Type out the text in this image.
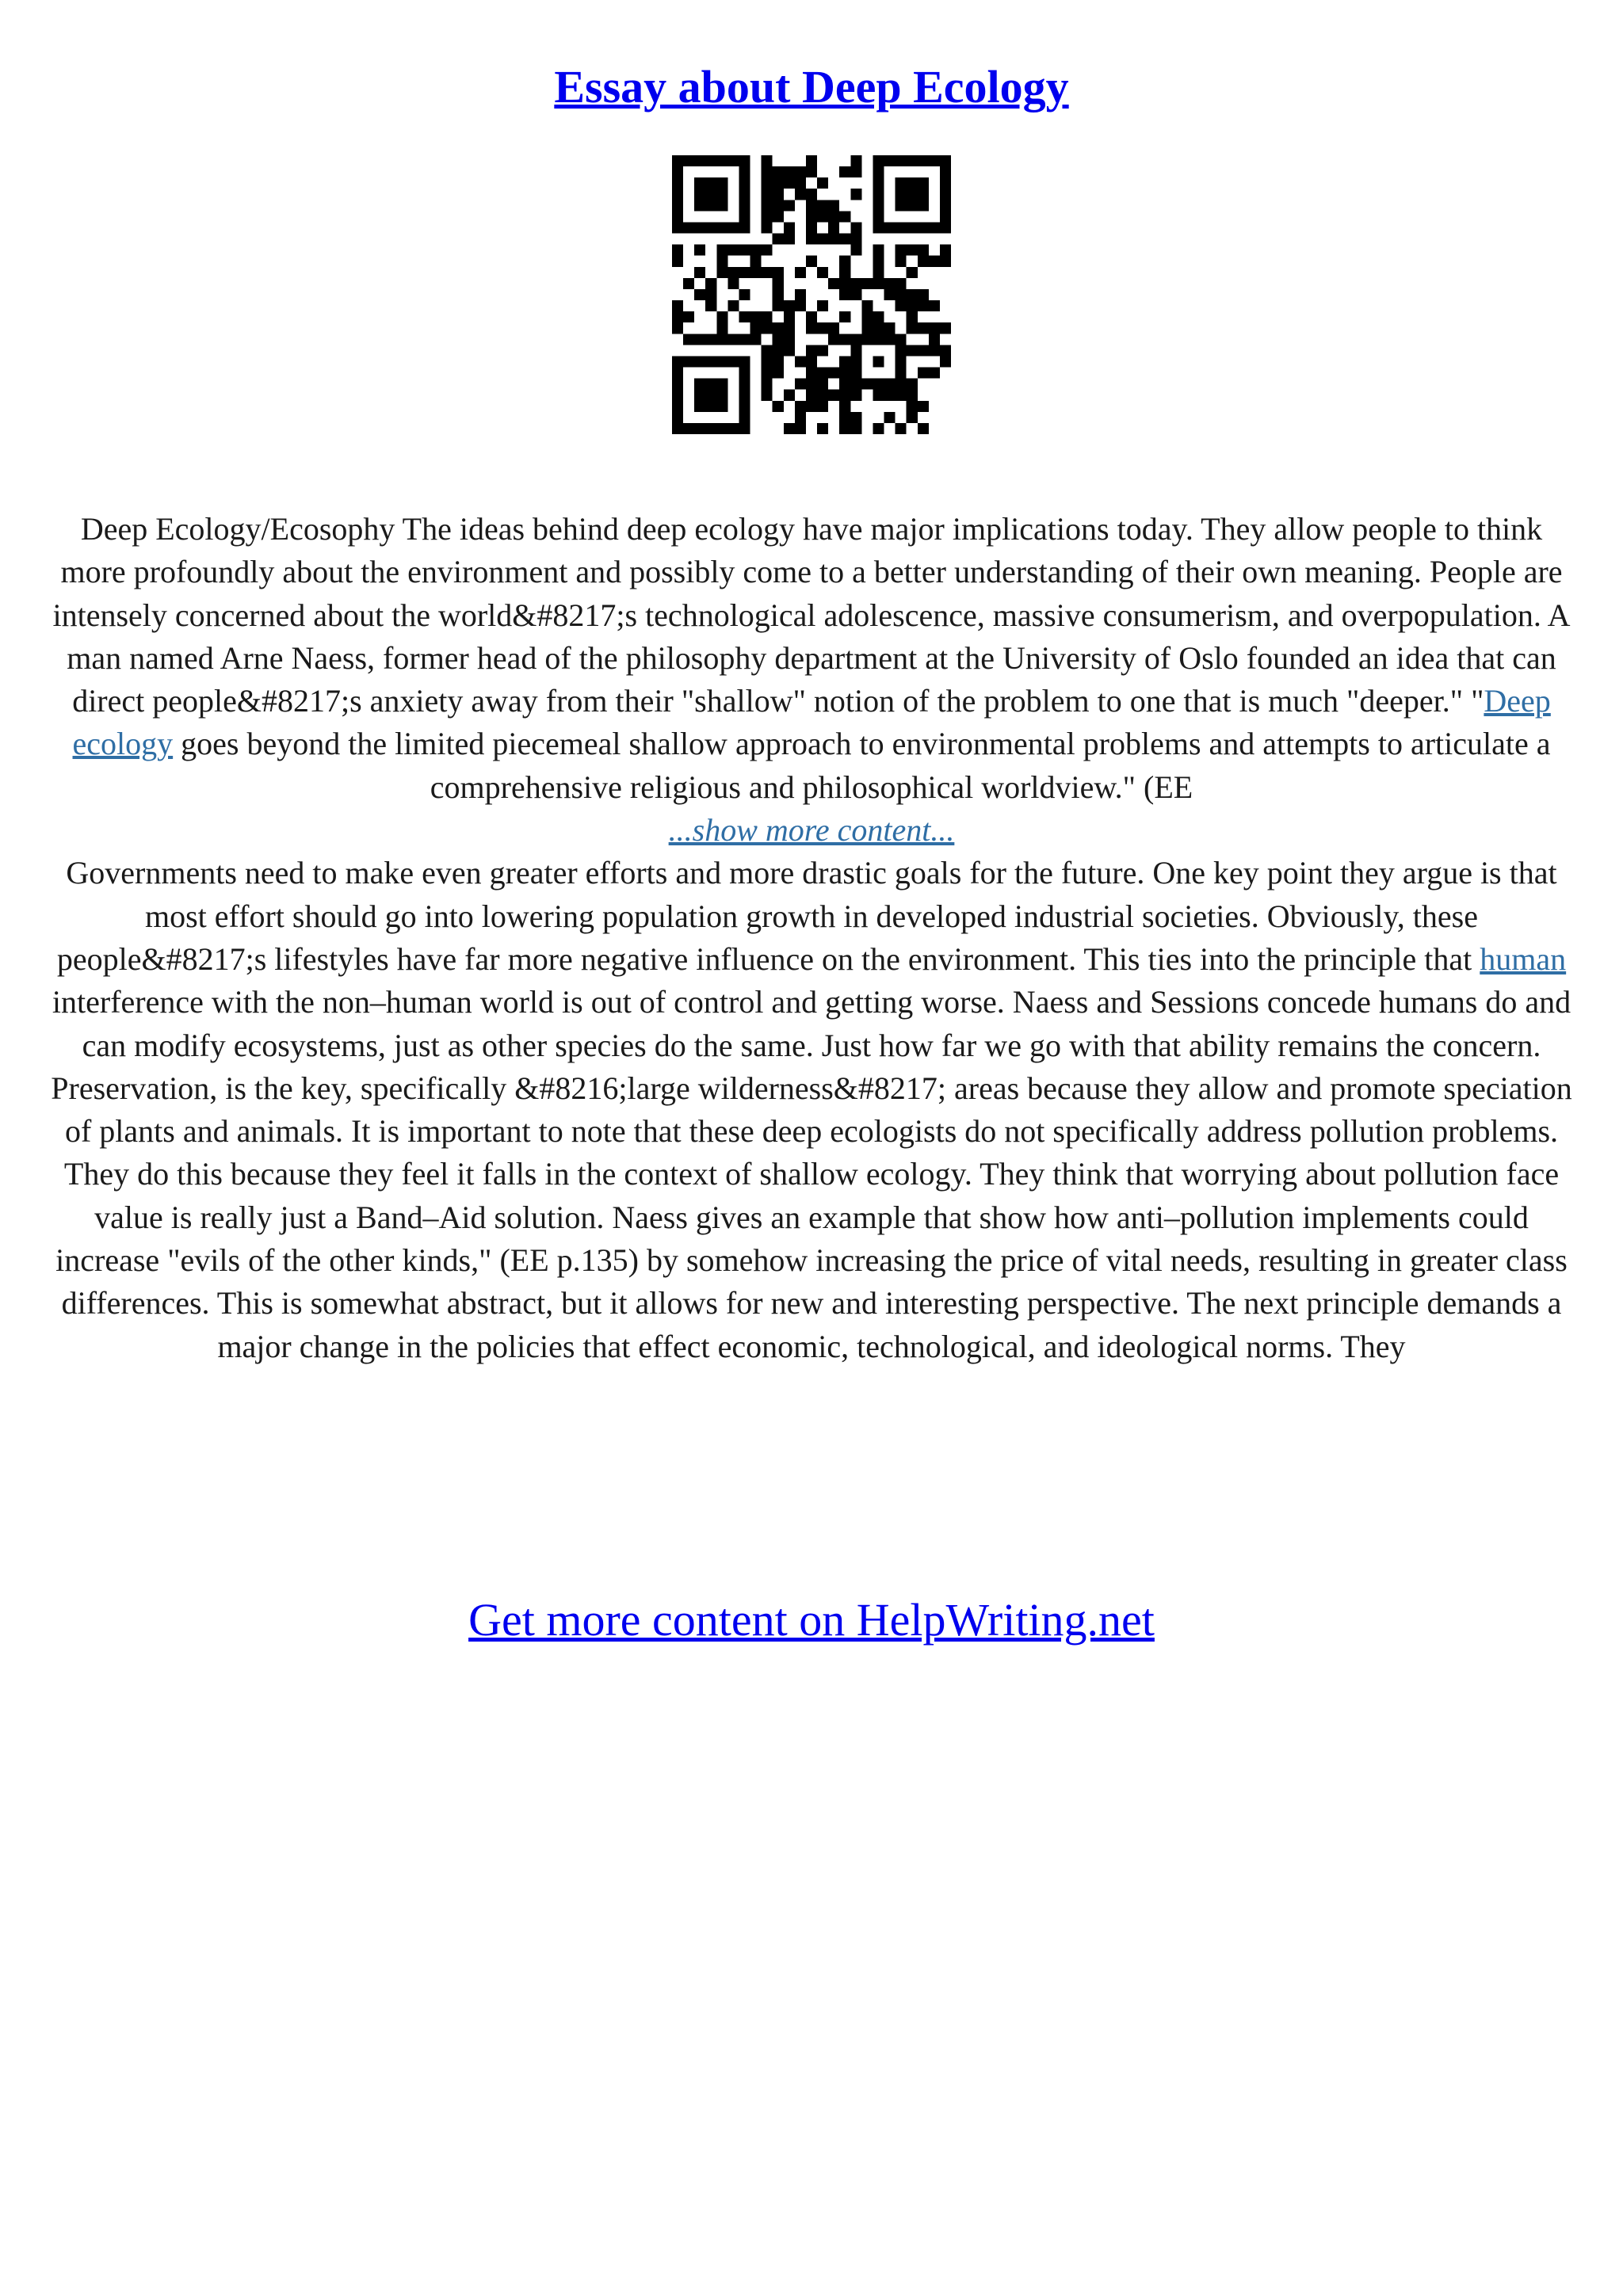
Essay about Deep Ecology

Deep Ecology/Ecosophy The ideas behind deep ecology have major implications today. They allow people to think more profoundly about the environment and possibly come to a better understanding of their own meaning. People are intensely concerned about the world&#8217;s technological adolescence, massive consumerism, and overpopulation. A man named Arne Naess, former head of the philosophy department at the University of Oslo founded an idea that can direct people&#8217;s anxiety away from their "shallow" notion of the problem to one that is much "deeper." "Deep ecology goes beyond the limited piecemeal shallow approach to environmental problems and attempts to articulate a comprehensive religious and philosophical worldview." (EE

...show more content...

Governments need to make even greater efforts and more drastic goals for the future. One key point they argue is that most effort should go into lowering population growth in developed industrial societies. Obviously, these people&#8217;s lifestyles have far more negative influence on the environment. This ties into the principle that human interference with the non–human world is out of control and getting worse. Naess and Sessions concede humans do and can modify ecosystems, just as other species do the same. Just how far we go with that ability remains the concern. Preservation, is the key, specifically &#8216;large wilderness&#8217; areas because they allow and promote speciation of plants and animals. It is important to note that these deep ecologists do not specifically address pollution problems. They do this because they feel it falls in the context of shallow ecology. They think that worrying about pollution face value is really just a Band–Aid solution. Naess gives an example that show how anti–pollution implements could increase "evils of the other kinds," (EE p.135) by somehow increasing the price of vital needs, resulting in greater class differences. This is somewhat abstract, but it allows for new and interesting perspective. The next principle demands a major change in the policies that effect economic, technological, and ideological norms. They

Get more content on HelpWriting.net
